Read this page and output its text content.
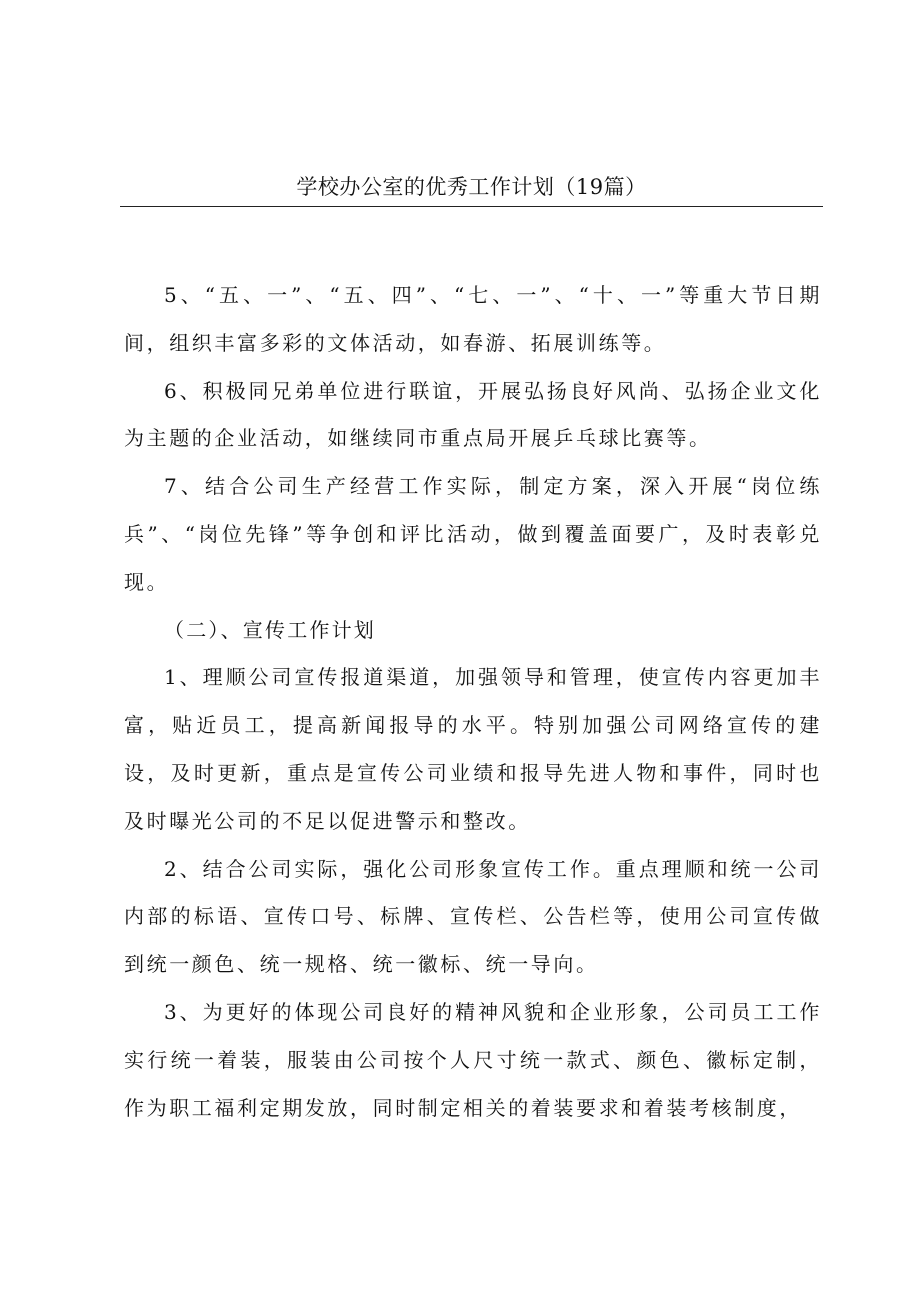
学校办公室的优秀工作计划（19篇）

5、“五、一”、“五、四”、“七、一”、“十、一”等重大节日期间，组织丰富多彩的文体活动，如春游、拓展训练等。

6、积极同兄弟单位进行联谊，开展弘扬良好风尚、弘扬企业文化为主题的企业活动，如继续同市重点局开展乒乓球比赛等。

7、结合公司生产经营工作实际，制定方案，深入开展“岗位练兵”、“岗位先锋”等争创和评比活动，做到覆盖面要广，及时表彰兑现。

（二）、宣传工作计划

1、理顺公司宣传报道渠道，加强领导和管理，使宣传内容更加丰富，贴近员工，提高新闻报导的水平。特别加强公司网络宣传的建设，及时更新，重点是宣传公司业绩和报导先进人物和事件，同时也及时曝光公司的不足以促进警示和整改。

2、结合公司实际，强化公司形象宣传工作。重点理顺和统一公司内部的标语、宣传口号、标牌、宣传栏、公告栏等，使用公司宣传做到统一颜色、统一规格、统一徽标、统一导向。

3、为更好的体现公司良好的精神风貌和企业形象，公司员工工作实行统一着装，服装由公司按个人尺寸统一款式、颜色、徽标定制，作为职工福利定期发放，同时制定相关的着装要求和着装考核制度，
